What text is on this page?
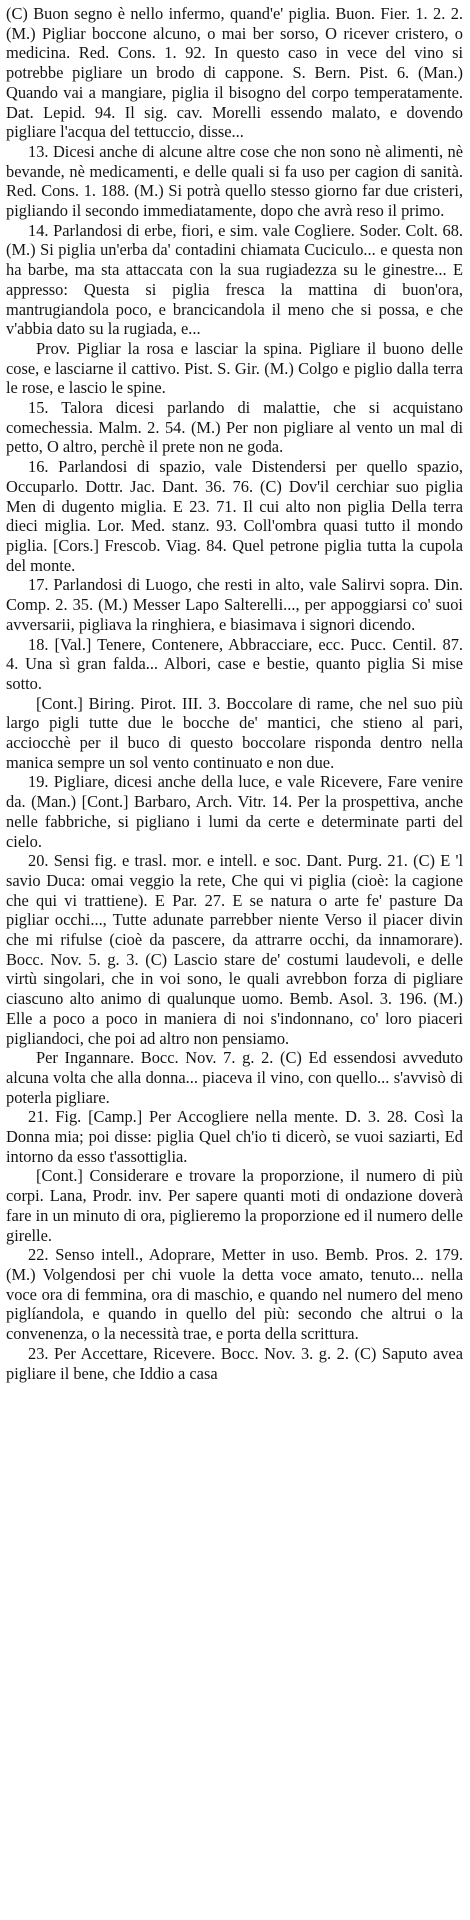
(C) Buon segno è nello infermo, quand'e' piglia. Buon. Fier. 1. 2. 2. (M.) Pigliar boccone alcuno, o mai ber sorso, O ricever cristero, o medicina. Red. Cons. 1. 92. In questo caso in vece del vino si potrebbe pigliare un brodo di cappone. S. Bern. Pist. 6. (Man.) Quando vai a mangiare, piglia il bisogno del corpo temperatamente. Dat. Lepid. 94. Il sig. cav. Morelli essendo malato, e dovendo pigliare l'acqua del tettuccio, disse...

13. Dicesi anche di alcune altre cose che non sono nè alimenti, nè bevande, nè medicamenti, e delle quali si fa uso per cagion di sanità. Red. Cons. 1. 188. (M.) Si potrà quello stesso giorno far due cristeri, pigliando il secondo immediatamente, dopo che avrà reso il primo.

14. Parlandosi di erbe, fiori, e sim. vale Cogliere. Soder. Colt. 68. (M.) Si piglia un'erba da' contadini chiamata Cuciculo... e questa non ha barbe, ma sta attaccata con la sua rugiadezza su le ginestre... E appresso: Questa si piglia fresca la mattina di buon'ora, mantrugiandola poco, e brancicandola il meno che si possa, e che v'abbia dato su la rugiada, e...

Prov. Pigliar la rosa e lasciar la spina. Pigliare il buono delle cose, e lasciarne il cattivo. Pist. S. Gir. (M.) Colgo e piglio dalla terra le rose, e lascio le spine.

15. Talora dicesi parlando di malattie, che si acquistano comechessia. Malm. 2. 54. (M.) Per non pigliare al vento un mal di petto, O altro, perchè il prete non ne goda.

16. Parlandosi di spazio, vale Distendersi per quello spazio, Occuparlo. Dottr. Jac. Dant. 36. 76. (C) Dov'il cerchiar suo piglia Men di dugento miglia. E 23. 71. Il cui alto non piglia Della terra dieci miglia. Lor. Med. stanz. 93. Coll'ombra quasi tutto il mondo piglia. [Cors.] Frescob. Viag. 84. Quel petrone piglia tutta la cupola del monte.

17. Parlandosi di Luogo, che resti in alto, vale Salirvi sopra. Din. Comp. 2. 35. (M.) Messer Lapo Salterelli..., per appoggiarsi co' suoi avversarii, pigliava la ringhiera, e biasimava i signori dicendo.

18. [Val.] Tenere, Contenere, Abbracciare, ecc. Pucc. Centil. 87. 4. Una sì gran falda... Albori, case e bestie, quanto piglia Si mise sotto.

[Cont.] Biring. Pirot. III. 3. Boccolare di rame, che nel suo più largo pigli tutte due le bocche de' mantici, che stieno al pari, acciocchè per il buco di questo boccolare risponda dentro nella manica sempre un sol vento continuato e non due.

19. Pigliare, dicesi anche della luce, e vale Ricevere, Fare venire da. (Man.) [Cont.] Barbaro, Arch. Vitr. 14. Per la prospettiva, anche nelle fabbriche, si pigliano i lumi da certe e determinate parti del cielo.

20. Sensi fig. e trasl. mor. e intell. e soc. Dant. Purg. 21. (C) E 'l savio Duca: omai veggio la rete, Che qui vi piglia (cioè: la cagione che qui vi trattiene). E Par. 27. E se natura o arte fe' pasture Da pigliar occhi..., Tutte adunate parrebber niente Verso il piacer divin che mi rifulse (cioè da pascere, da attrarre occhi, da innamorare). Bocc. Nov. 5. g. 3. (C) Lascio stare de' costumi laudevoli, e delle virtù singolari, che in voi sono, le quali avrebbon forza di pigliare ciascuno alto animo di qualunque uomo. Bemb. Asol. 3. 196. (M.) Elle a poco a poco in maniera di noi s'indonnano, co' loro piaceri pigliandoci, che poi ad altro non pensiamo.

Per Ingannare. Bocc. Nov. 7. g. 2. (C) Ed essendosi avveduto alcuna volta che alla donna... piaceva il vino, con quello... s'avvisò di poterla pigliare.

21. Fig. [Camp.] Per Accogliere nella mente. D. 3. 28. Così la Donna mia; poi disse: piglia Quel ch'io ti dicerò, se vuoi saziarti, Ed intorno da esso t'assottiglia.

[Cont.] Considerare e trovare la proporzione, il numero di più corpi. Lana, Prodr. inv. Per sapere quanti moti di ondazione doverà fare in un minuto di ora, piglieremo la proporzione ed il numero delle girelle.

22. Senso intell., Adoprare, Metter in uso. Bemb. Pros. 2. 179. (M.) Volgendosi per chi vuole la detta voce amato, tenuto... nella voce ora di femmina, ora di maschio, e quando nel numero del meno piglíandola, e quando in quello del più: secondo che altrui o la convenenza, o la necessità trae, e porta della scrittura.

23. Per Accettare, Ricevere. Bocc. Nov. 3. g. 2. (C) Saputo avea pigliare il bene, che Iddio a casa
